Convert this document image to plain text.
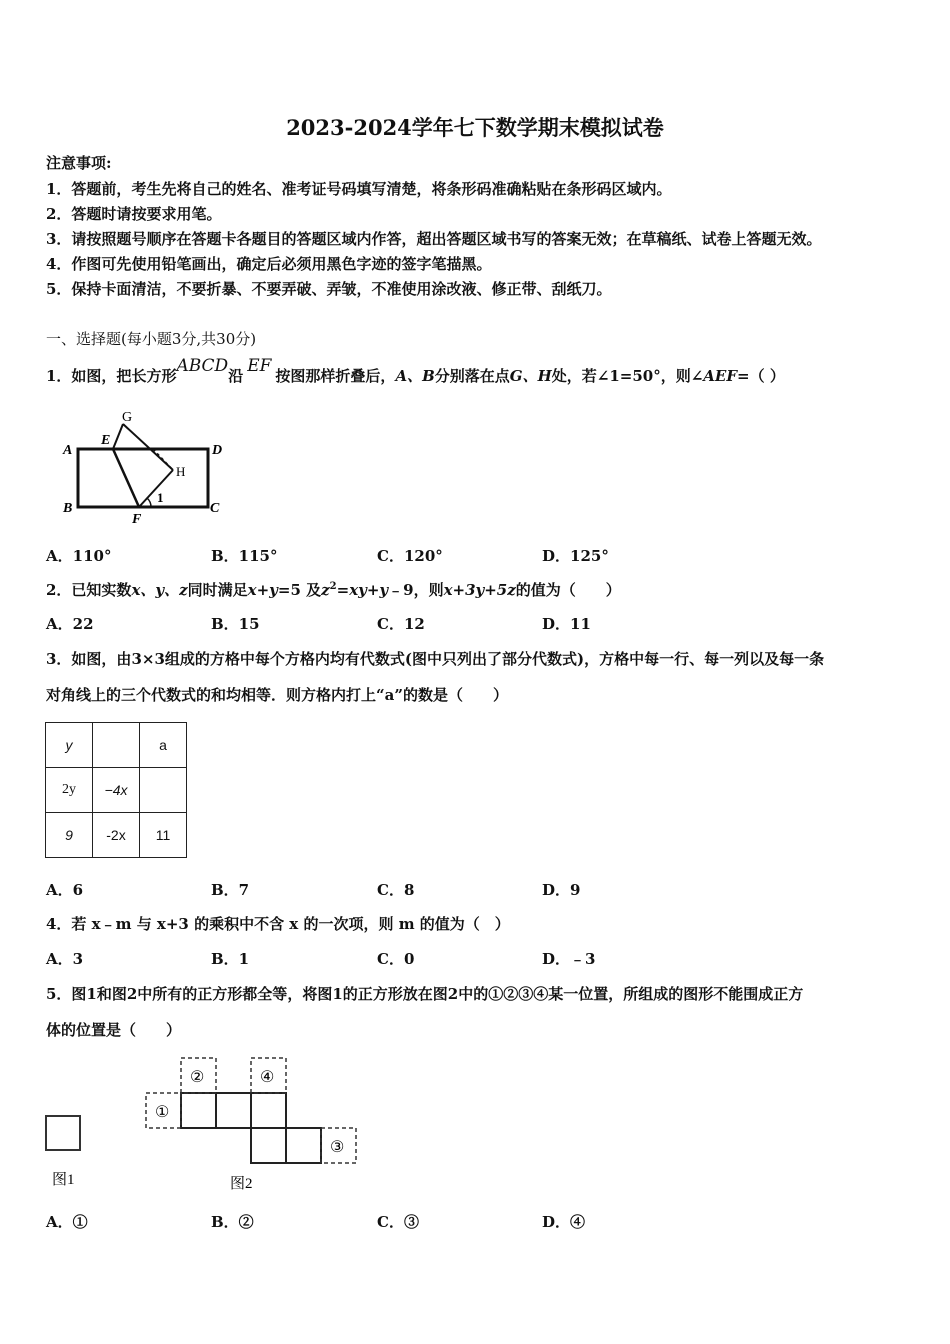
2023-2024学年七下数学期末模拟试卷
注意事项:
1．答题前，考生先将自己的姓名、准考证号码填写清楚，将条形码准确粘贴在条形码区域内。
2．答题时请按要求用笔。
3．请按照题号顺序在答题卡各题目的答题区域内作答，超出答题区域书写的答案无效；在草稿纸、试卷上答题无效。
4．作图可先使用铅笔画出，确定后必须用黑色字迹的签字笔描黑。
5．保持卡面清洁，不要折暴、不要弄破、弄皱，不准使用涂改液、修正带、刮纸刀。
一、选择题(每小题3分,共30分)
1．如图，把长方形ABCD沿 EF 按图那样折叠后，A、B分别落在点G、H处，若∠1=50°，则∠AEF=（ ）
A
B	C
D
E
F
G
H
1
A．110°	B．115°	C．120°	D．125°
2．已知实数x、y、z同时满足x+y=5 及$z^2=xy+y﹣9$，则x+3y+5z的值为（　　）
A．22	B．15	C．12	D．11
3．如图，由3×3组成的方格中每个方格内均有代数式(图中只列出了部分代数式)，方格中每一行、每一列以及每一条
对角线上的三个代数式的和均相等．则方格内打上“a”的数是（　　）
y		a
2y	−4x	
9	-2x	11
A．6	B．7	C．8	D．9
4．若 x﹣m 与 x+3 的乘积中不含 x 的一次项，则 m 的值为（　）
A．3	B．1	C．0	D．﹣3
5．图1和图2中所有的正方形都全等，将图1的正方形放在图2中的①②③④某一位置，所组成的图形不能围成正方
体的位置是（　　）
图1
①
②
③
④
图2
A．①	B．②	C．③	D．④
